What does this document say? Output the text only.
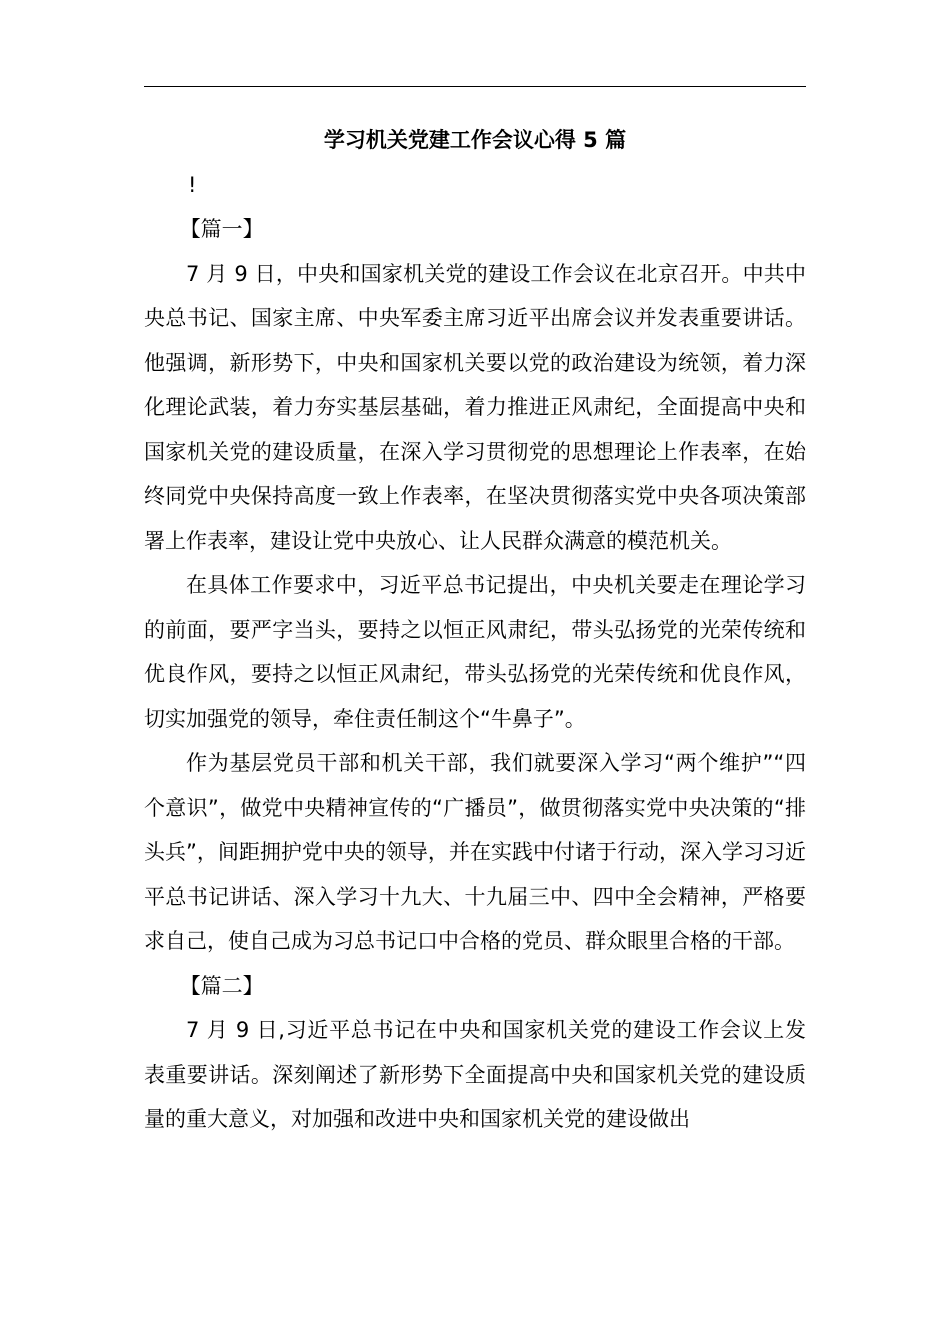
学习机关党建工作会议心得 5 篇
!

【篇一】

7 月 9 日，中央和国家机关党的建设工作会议在北京召开。中共中央总书记、国家主席、中央军委主席习近平出席会议并发表重要讲话。他强调，新形势下，中央和国家机关要以党的政治建设为统领，着力深化理论武装，着力夯实基层基础，着力推进正风肃纪，全面提高中央和国家机关党的建设质量，在深入学习贯彻党的思想理论上作表率，在始终同党中央保持高度一致上作表率，在坚决贯彻落实党中央各项决策部署上作表率，建设让党中央放心、让人民群众满意的模范机关。

在具体工作要求中，习近平总书记提出，中央机关要走在理论学习的前面，要严字当头，要持之以恒正风肃纪，带头弘扬党的光荣传统和优良作风，要持之以恒正风肃纪，带头弘扬党的光荣传统和优良作风，切实加强党的领导，牵住责任制这个“牛鼻子”。

作为基层党员干部和机关干部，我们就要深入学习“两个维护”“四个意识”，做党中央精神宣传的“广播员”，做贯彻落实党中央决策的“排头兵”，间距拥护党中央的领导，并在实践中付诸于行动，深入学习习近平总书记讲话、深入学习十九大、十九届三中、四中全会精神，严格要求自己，使自己成为习总书记口中合格的党员、群众眼里合格的干部。

【篇二】

7 月 9 日,习近平总书记在中央和国家机关党的建设工作会议上发表重要讲话。深刻阐述了新形势下全面提高中央和国家机关党的建设质量的重大意义，对加强和改进中央和国家机关党的建设做出
